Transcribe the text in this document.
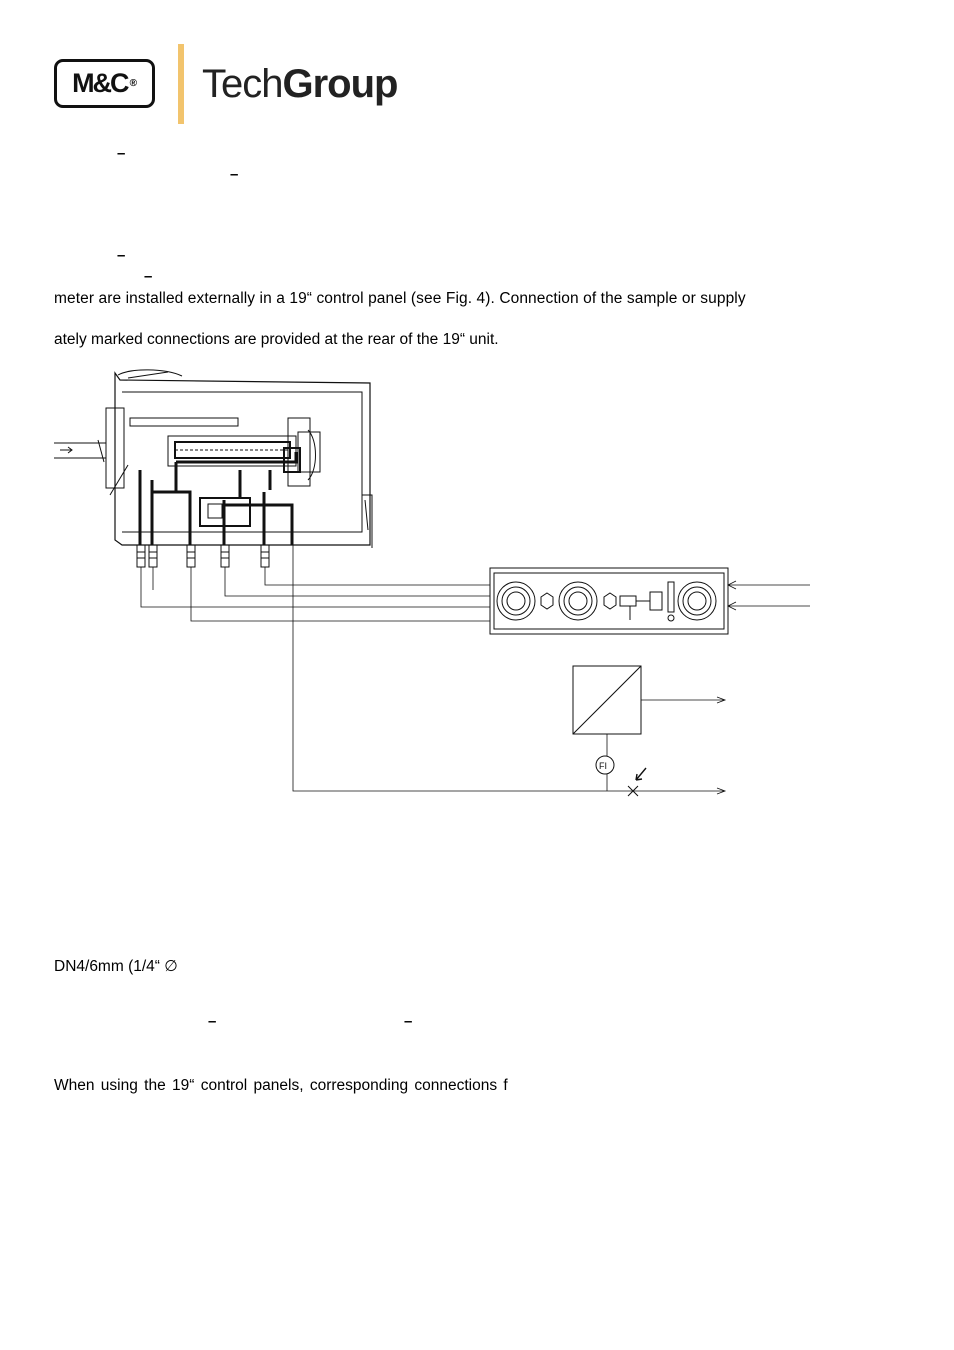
M&C ® TechGroup
–
–
–
–
–	–
meter are installed externally in a 19“ control panel (see Fig. 4). Connection of the sample or supply
ately marked connections are provided at the rear of the 19“ unit.
DN4/6mm (1/4“ ∅
When using the 19“ control panels, corresponding connections f
FI
